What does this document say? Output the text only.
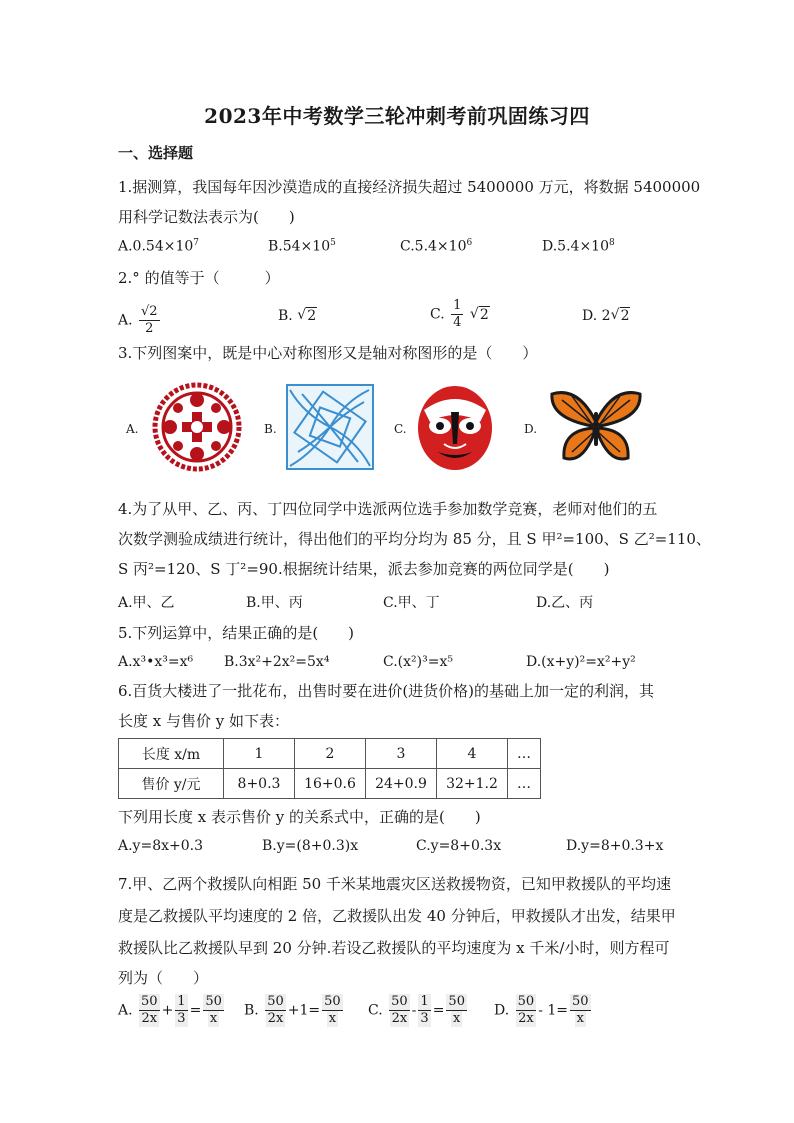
2023年中考数学三轮冲刺考前巩固练习四
一、选择题
1.据测算，我国每年因沙漠造成的直接经济损失超过 5400000 万元，将数据 5400000
用科学记数法表示为(　　)
$A.0.54\times 10^7$	$B.54\times 10^5$	$C.5.4\times 10^6$	$D.5.4\times 10^8$
2.° 的值等于（　　　）
A. $\frac{√2}{2}$	B. √ 2	C. $\frac{1}{4}$
√ 2	D. 2 √ 2
3.下列图案中，既是中心对称图形又是轴对称图形的是（　　）
A.	B.	C.	D.
4.为了从甲、乙、丙、丁四位同学中选派两位选手参加数学竞赛，老师对他们的五
次数学测验成绩进行统计，得出他们的平均分均为 85 分，且 S 甲²=100、S 乙²=110、
S 丙²=120、S 丁²=90.根据统计结果，派去参加竞赛的两位同学是(　　)
A.甲、乙	B.甲、丙	C.甲、丁	D.乙、丙
5.下列运算中，结果正确的是(　　)
A.x³•x³=x⁶ B.3x²+2x²=5x⁴	C.(x²)³=x⁵	D.(x+y)²=x²+y²
6.百货大楼进了一批花布，出售时要在进价(进货价格)的基础上加一定的利润，其
长度 x 与售价 y 如下表：
长度 x/m	1	2	3	4	…
售价 y/元	8+0.3	16+0.6	24+0.9	32+1.2	…
下列用长度 x 表示售价 y 的关系式中，正确的是(　　)
A.y=8x+0.3	B.y=(8+0.3)x	C.y=8+0.3x	D.y=8+0.3+x
7.甲、乙两个救援队向相距 50 千米某地震灾区送救援物资，已知甲救援队的平均速
度是乙救援队平均速度的 2 倍，乙救援队出发 40 分钟后，甲救援队才出发，结果甲
救援队比乙救援队早到 20 分钟.若设乙救援队的平均速度为 x 千米/小时，则方程可
列为（　　）
A. $\frac{50}{2x} + \frac{1}{3} = \frac{50}{x} B$. $\frac{50}{2x} +1= \frac{50}{x} C$. $\frac{50}{2x} - \frac{1}{3} = \frac{50}{x} D$. $\frac{50}{2x} - 1= \frac{50}{x}$
